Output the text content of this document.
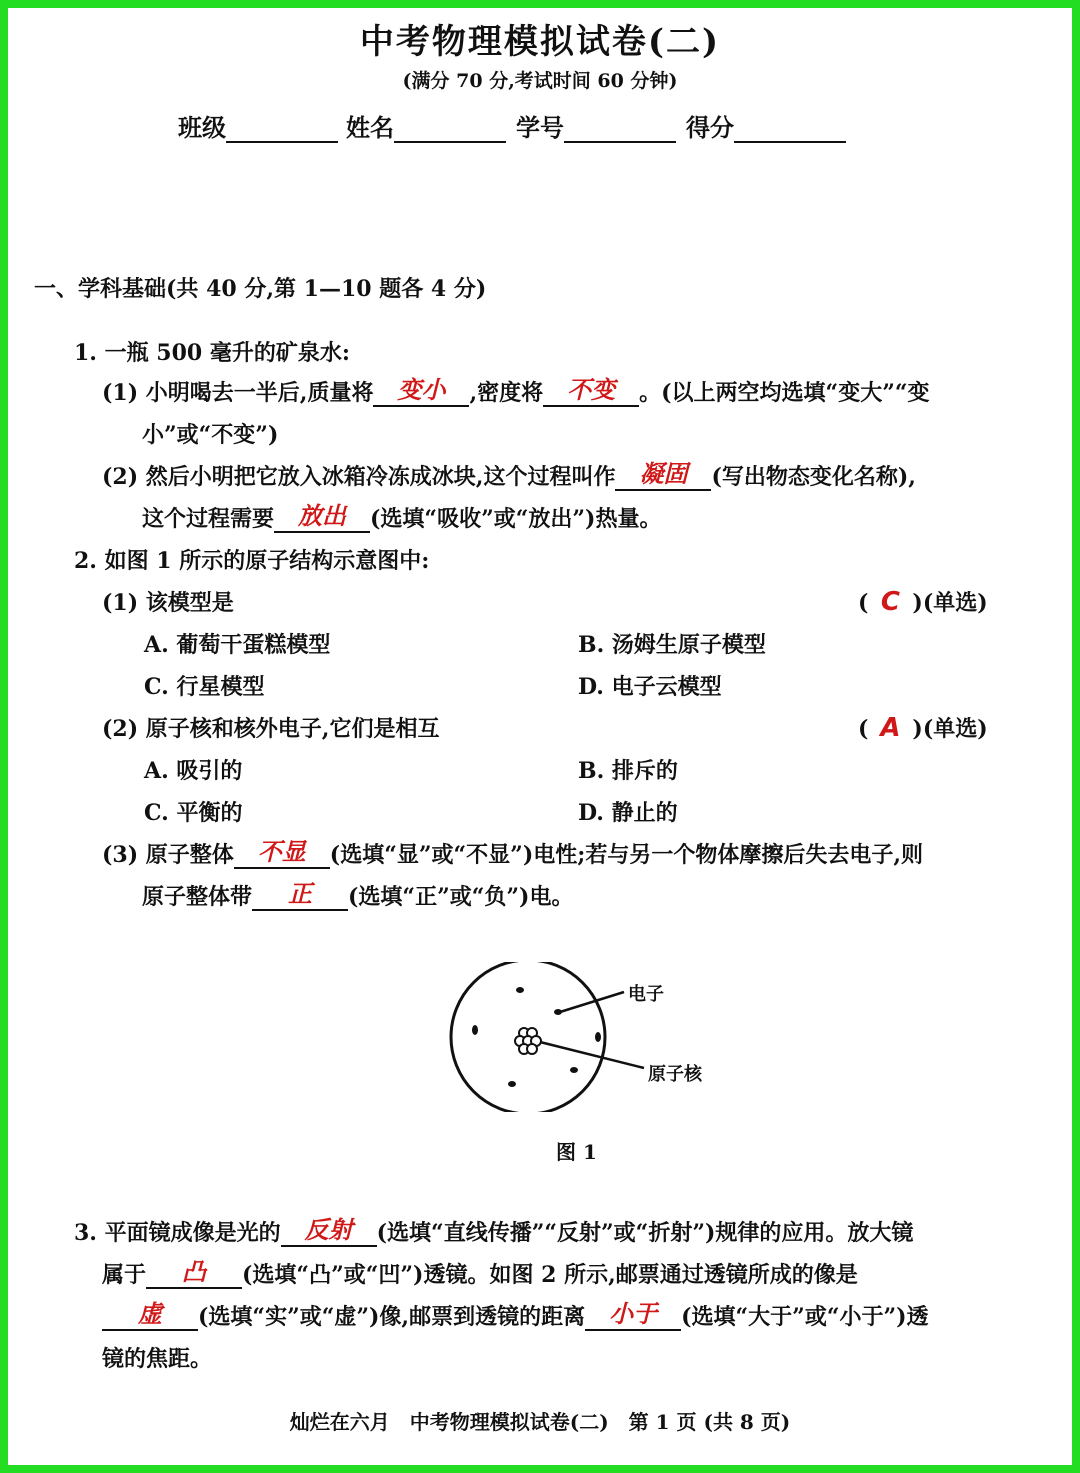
中考物理模拟试卷(二)
(满分 70 分,考试时间 60 分钟)
班级	姓名	学号	得分
一、学科基础(共 40 分,第 1—10 题各 4 分)
1. 一瓶 500 毫升的矿泉水:
(1) 小明喝去一半后,质量将 变小 ,密度将 不变 。(以上两空均选填“变大”“变
小”或“不变”)
(2) 然后小明把它放入冰箱冷冻成冰块,这个过程叫作 凝固 (写出物态变化名称),
这个过程需要 放出 (选填“吸收”或“放出”)热量。
2. 如图 1 所示的原子结构示意图中:
(1) 该模型是	( C )(单选)
A. 葡萄干蛋糕模型	B. 汤姆生原子模型
C. 行星模型	D. 电子云模型
(2) 原子核和核外电子,它们是相互	( A )(单选)
A. 吸引的	B. 排斥的
C. 平衡的	D. 静止的
(3) 原子整体 不显 (选填“显”或“不显”)电性;若与另一个物体摩擦后失去电子,则
原子整体带 正 (选填“正”或“负”)电。
电子
原子核
图 1
3. 平面镜成像是光的 反射 (选填“直线传播”“反射”或“折射”)规律的应用。放大镜
属于 凸 (选填“凸”或“凹”)透镜。如图 2 所示,邮票通过透镜所成的像是
虚 (选填“实”或“虚”)像,邮票到透镜的距离 小于 (选填“大于”或“小于”)透
镜的焦距。
灿烂在六月　中考物理模拟试卷(二)　第 1 页 (共 8 页)
